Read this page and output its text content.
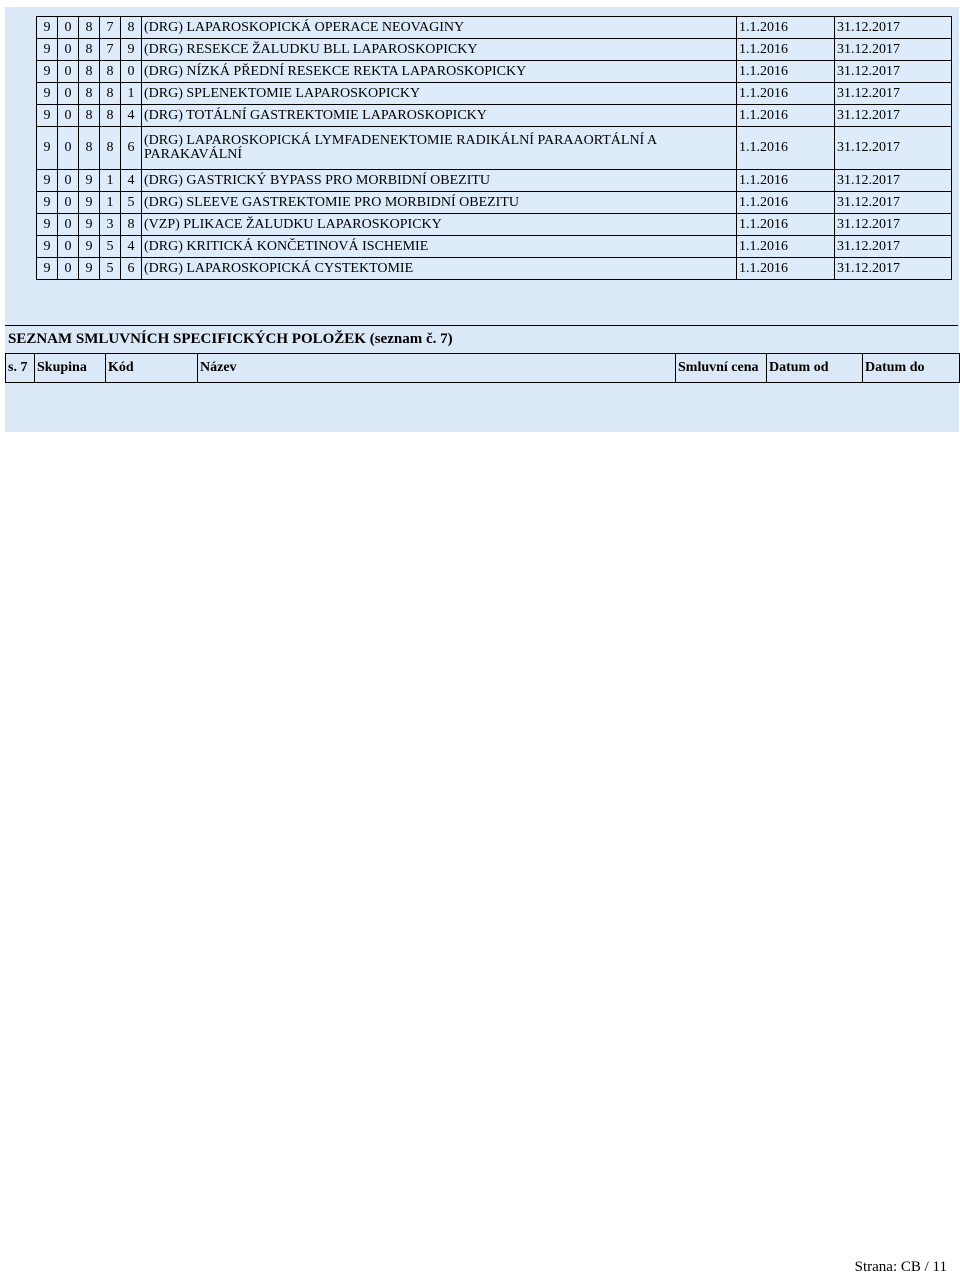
9	0	8	7	8	(DRG) LAPAROSKOPICKÁ OPERACE NEOVAGINY	1.1.2016	31.12.2017
9	0	8	7	9	(DRG) RESEKCE ŽALUDKU BLL LAPAROSKOPICKY	1.1.2016	31.12.2017
9	0	8	8	0	(DRG) NÍZKÁ PŘEDNÍ RESEKCE REKTA LAPAROSKOPICKY	1.1.2016	31.12.2017
9	0	8	8	1	(DRG) SPLENEKTOMIE LAPAROSKOPICKY	1.1.2016	31.12.2017
9	0	8	8	4	(DRG) TOTÁLNÍ GASTREKTOMIE LAPAROSKOPICKY	1.1.2016	31.12.2017
9	0	8	8	6	(DRG) LAPAROSKOPICKÁ LYMFADENEKTOMIE RADIKÁLNÍ PARAAORTÁLNÍ A PARAKAVÁLNÍ	1.1.2016	31.12.2017
9	0	9	1	4	(DRG) GASTRICKÝ BYPASS PRO MORBIDNÍ OBEZITU	1.1.2016	31.12.2017
9	0	9	1	5	(DRG) SLEEVE GASTREKTOMIE PRO MORBIDNÍ OBEZITU	1.1.2016	31.12.2017
9	0	9	3	8	(VZP) PLIKACE ŽALUDKU LAPAROSKOPICKY	1.1.2016	31.12.2017
9	0	9	5	4	(DRG) KRITICKÁ KONČETINOVÁ ISCHEMIE	1.1.2016	31.12.2017
9	0	9	5	6	(DRG) LAPAROSKOPICKÁ CYSTEKTOMIE	1.1.2016	31.12.2017
SEZNAM SMLUVNÍCH SPECIFICKÝCH POLOŽEK (seznam č. 7)
s. 7	Skupina	Kód	Název	Smluvní cena	Datum od	Datum do
Strana: CB / 11
